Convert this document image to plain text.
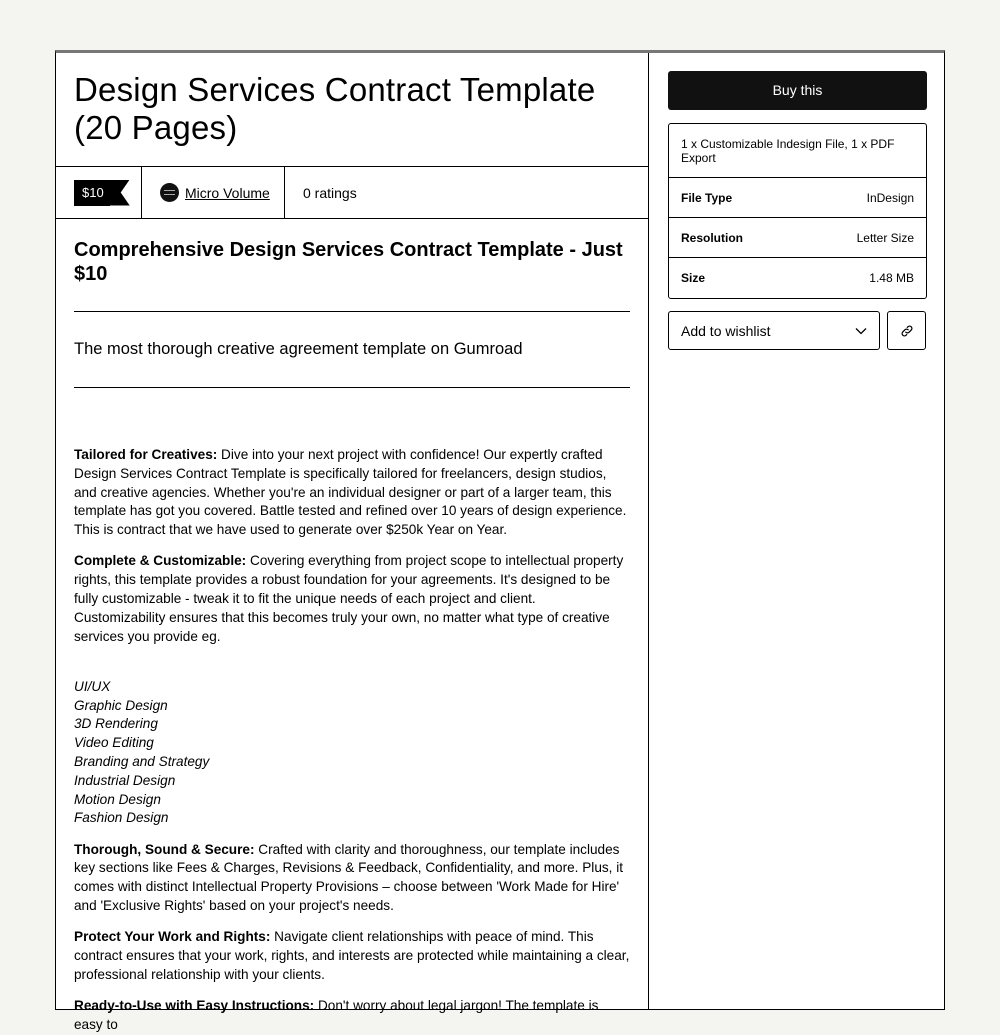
Design Services Contract Template
(20 Pages)
$10	Micro Volume	0 ratings
Comprehensive Design Services Contract Template - Just
$10
The most thorough creative agreement template on Gumroad

Tailored for Creatives: Dive into your next project with confidence! Our expertly crafted Design Services Contract Template is specifically tailored for freelancers, design studios, and creative agencies. Whether you're an individual designer or part of a larger team, this template has got you covered. Battle tested and refined over 10 years of design experience. This is contract that we have used to generate over $250k Year on Year.

Complete & Customizable: Covering everything from project scope to intellectual property rights, this template provides a robust foundation for your agreements. It's designed to be fully customizable - tweak it to fit the unique needs of each project and client. Customizability ensures that this becomes truly your own, no matter what type of creative services you provide eg.

UI/UX
Graphic Design
3D Rendering
Video Editing
Branding and Strategy
Industrial Design
Motion Design
Fashion Design

Thorough, Sound & Secure: Crafted with clarity and thoroughness, our template includes key sections like Fees & Charges, Revisions & Feedback, Confidentiality, and more. Plus, it comes with distinct Intellectual Property Provisions – choose between 'Work Made for Hire' and 'Exclusive Rights' based on your project's needs.

Protect Your Work and Rights: Navigate client relationships with peace of mind. This contract ensures that your work, rights, and interests are protected while maintaining a clear, professional relationship with your clients.

Ready-to-Use with Easy Instructions: Don't worry about legal jargon! The template is easy to

Buy this
1 x Customizable Indesign File, 1 x PDF Export
File Type	InDesign
Resolution	Letter Size
Size	1.48 MB
Add to wishlist
